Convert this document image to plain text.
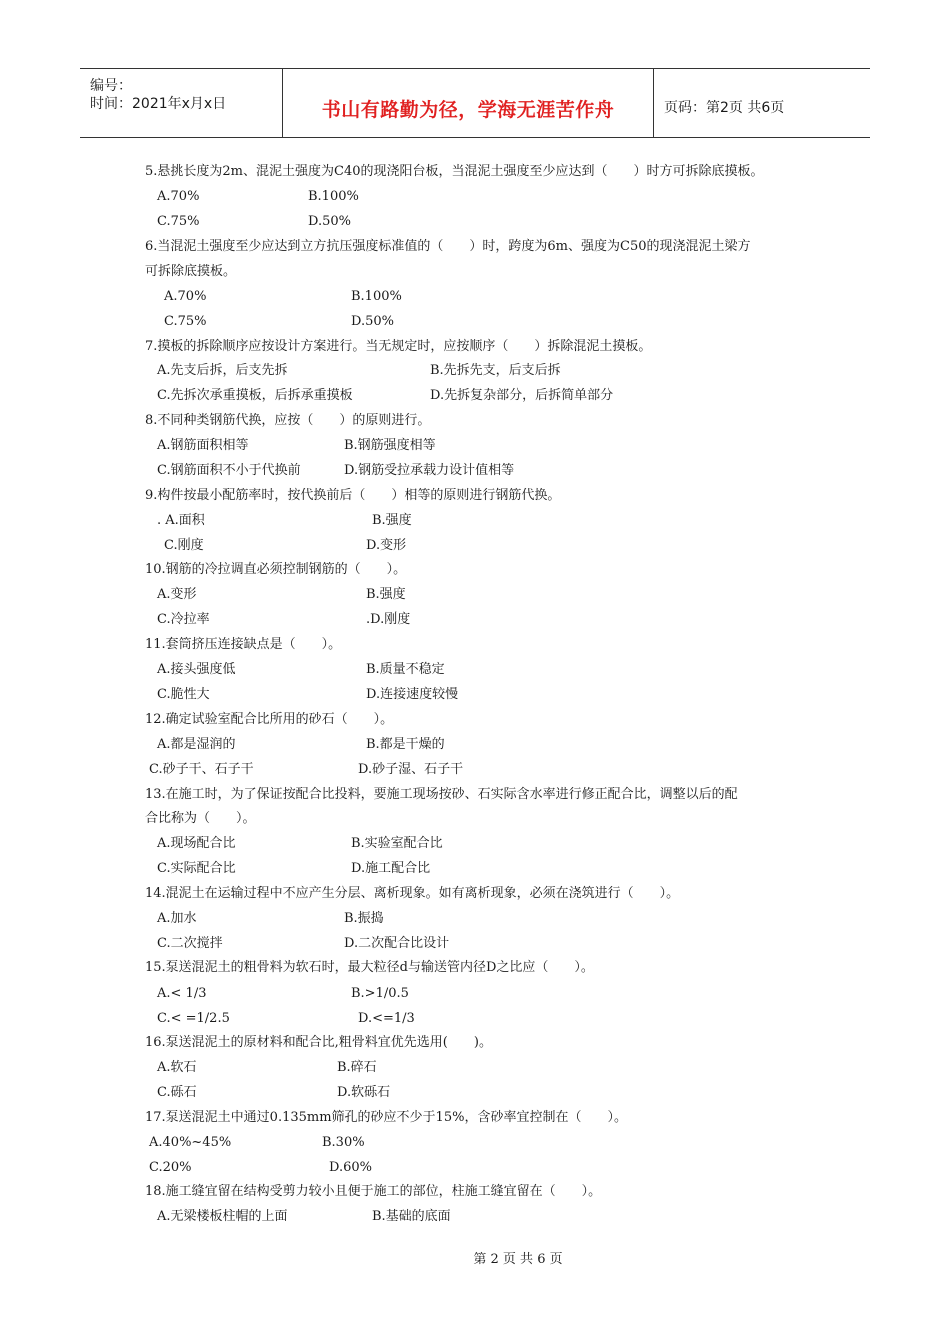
编号：
时间：2021年x月x日	书山有路勤为径，学海无涯苦作舟	页码：第2页 共6页
5.悬挑长度为2m、混泥土强度为C40的现浇阳台板，当混泥土强度至少应达到（　　）时方可拆除底摸板。
A.70%	B.100%
C.75%	D.50%
6.当混泥土强度至少应达到立方抗压强度标准值的（　　）时，跨度为6m、强度为C50的现浇混泥土梁方
可拆除底摸板。
A.70%	B.100%
C.75%	D.50%
7.摸板的拆除顺序应按设计方案进行。当无规定时，应按顺序（　　）拆除混泥土摸板。
A.先支后拆，后支先拆	B.先拆先支，后支后拆
C.先拆次承重摸板，后拆承重摸板	D.先拆复杂部分，后拆简单部分
8.不同种类钢筋代换，应按（　　）的原则进行。
A.钢筋面积相等	B.钢筋强度相等
C.钢筋面积不小于代换前	D.钢筋受拉承载力设计值相等
9.构件按最小配筋率时，按代换前后（　　）相等的原则进行钢筋代换。
. A.面积	B.强度
C.刚度	D.变形
10.钢筋的冷拉调直必须控制钢筋的（　　）。
A.变形	B.强度
C.冷拉率	.D.刚度
11.套筒挤压连接缺点是（　　）。
A.接头强度低	B.质量不稳定
C.脆性大	D.连接速度较慢
12.确定试验室配合比所用的砂石（　　）。
A.都是湿润的	B.都是干燥的
C.砂子干、石子干	D.砂子湿、石子干
13.在施工时，为了保证按配合比投料，要施工现场按砂、石实际含水率进行修正配合比，调整以后的配
合比称为（　　）。
A.现场配合比	B.实验室配合比
C.实际配合比	D.施工配合比
14.混泥土在运输过程中不应产生分层、离析现象。如有离析现象，必须在浇筑进行（　　）。
A.加水	B.振捣
C.二次搅拌	D.二次配合比设计
15.泵送混泥土的粗骨料为软石时，最大粒径d与输送管内径D之比应（　　）。
A.< 1/3	B.>1/0.5
C.< =1/2.5	D.<=1/3
16.泵送混泥土的原材料和配合比,粗骨料宜优先选用(　　)。
A.软石	B.碎石
C.砾石	D.软砾石
17.泵送混泥土中通过0.135mm筛孔的砂应不少于15%，含砂率宜控制在（　　）。
A.40%~45%	B.30%
C.20%	D.60%
18.施工缝宜留在结构受剪力较小且便于施工的部位，柱施工缝宜留在（　　）。
A.无梁楼板柱帽的上面	B.基础的底面
第 2 页 共 6 页
